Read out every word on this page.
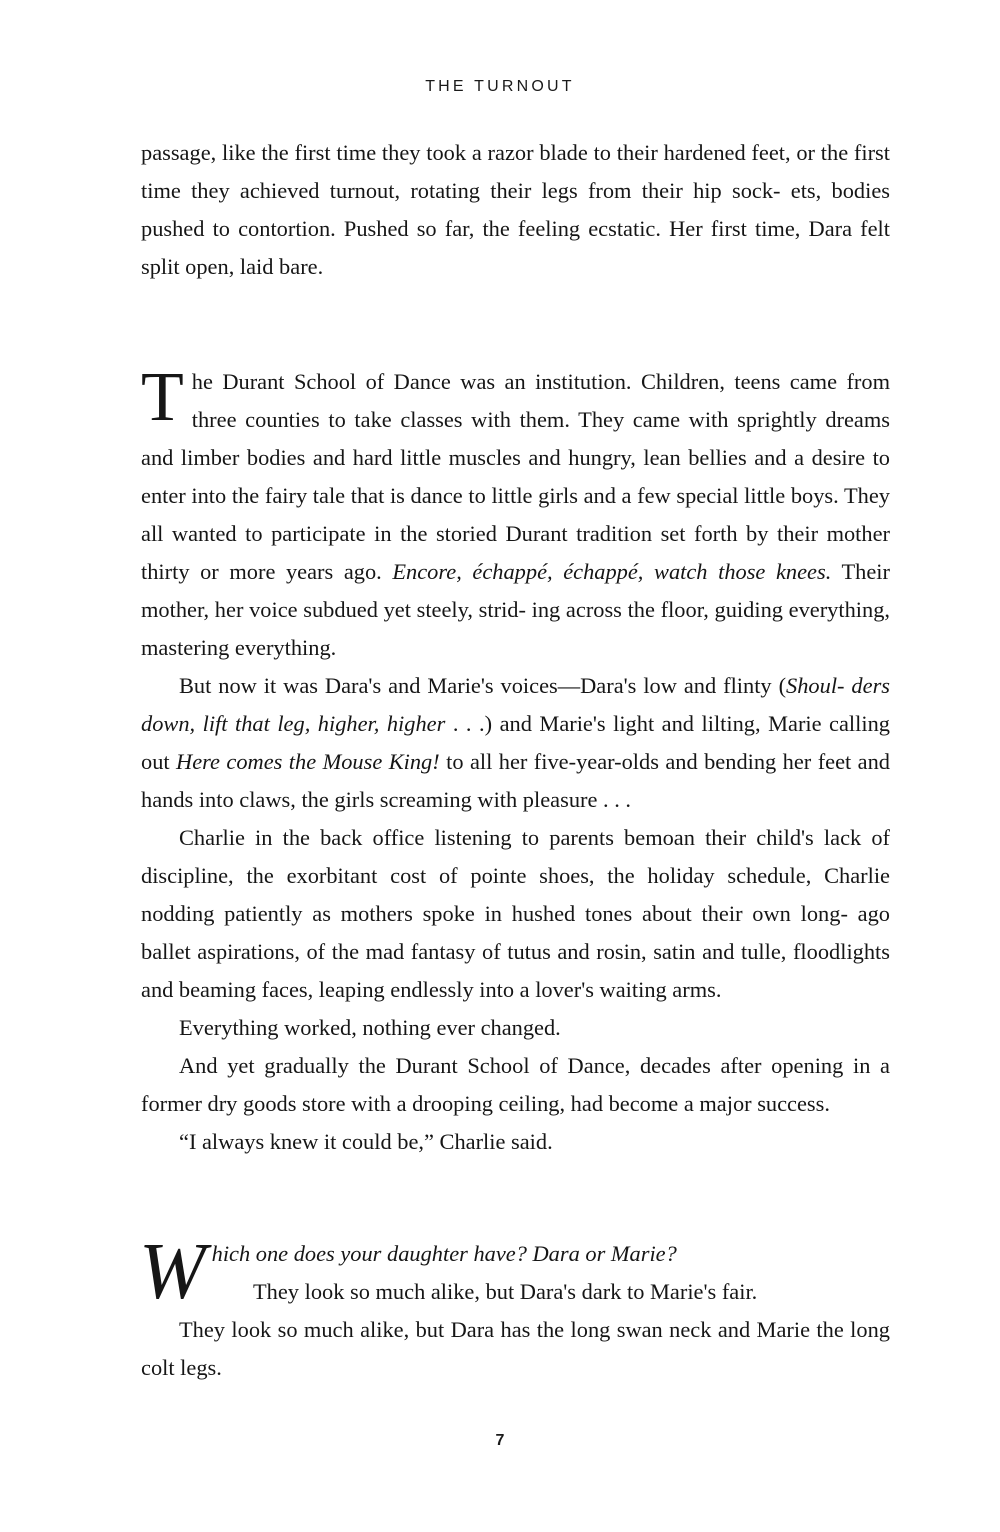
THE TURNOUT

passage, like the first time they took a razor blade to their hardened feet, or the first time they achieved turnout, rotating their legs from their hip sock- ets, bodies pushed to contortion. Pushed so far, the feeling ecstatic. Her first time, Dara felt split open, laid bare.

The Durant School of Dance was an institution. Children, teens came from three counties to take classes with them. They came with sprightly dreams and limber bodies and hard little muscles and hungry, lean bellies and a desire to enter into the fairy tale that is dance to little girls and a few special little boys. They all wanted to participate in the storied Durant tradition set forth by their mother thirty or more years ago. Encore, échappé, échappé, watch those knees. Their mother, her voice subdued yet steely, strid- ing across the floor, guiding everything, mastering everything.

But now it was Dara's and Marie's voices—Dara's low and flinty (Shoul- ders down, lift that leg, higher, higher . . .) and Marie's light and lilting, Marie calling out Here comes the Mouse King! to all her five-year-olds and bending her feet and hands into claws, the girls screaming with pleasure . . .

Charlie in the back office listening to parents bemoan their child's lack of discipline, the exorbitant cost of pointe shoes, the holiday schedule, Charlie nodding patiently as mothers spoke in hushed tones about their own long- ago ballet aspirations, of the mad fantasy of tutus and rosin, satin and tulle, floodlights and beaming faces, leaping endlessly into a lover's waiting arms.

Everything worked, nothing ever changed.

And yet gradually the Durant School of Dance, decades after opening in a former dry goods store with a drooping ceiling, had become a major success.

“I always knew it could be,” Charlie said.

Which one does your daughter have? Dara or Marie?
They look so much alike, but Dara's dark to Marie's fair.

They look so much alike, but Dara has the long swan neck and Marie the long colt legs.

7
